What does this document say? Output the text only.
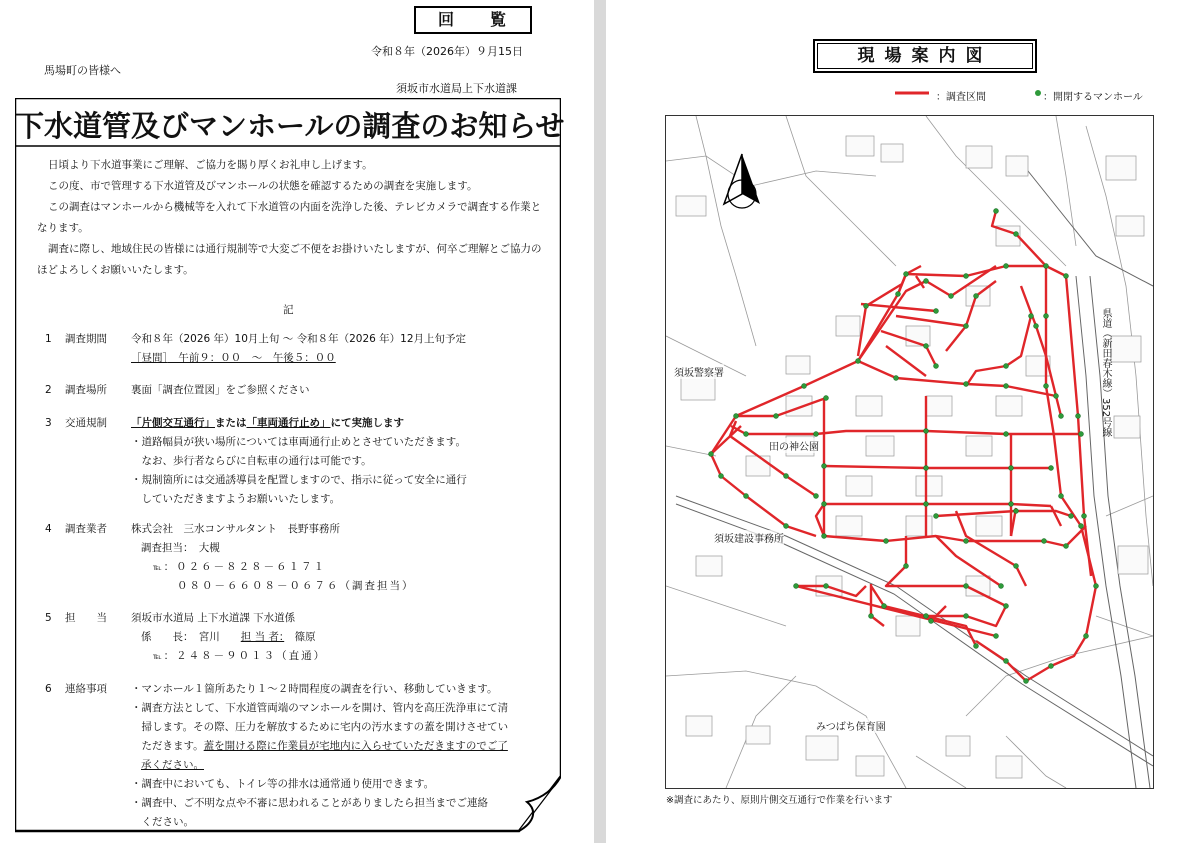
回　覧
令和８年（2026年）９月15日
馬場町の皆様へ
須坂市水道局上下水道課
下水道管及びマンホールの調査のお知らせ

日頃より下水道事業にご理解、ご協力を賜り厚くお礼申し上げます。

この度、市で管理する下水道管及びマンホールの状態を確認するための調査を実施します。

この調査はマンホールから機械等を入れて下水道管の内面を洗浄した後、テレビカメラで調査する作業となります。

調査に際し、地域住民の皆様には通行規制等で大変ご不便をお掛けいたしますが、何卒ご理解とご協力のほどよろしくお願いいたします。

記
1	調査期間	令和８年（2026 年）10月上旬 ～ 令和８年（2026 年）12月上旬予定
［昼間］　午前９：００　～　午後５：００
2	調査場所	裏面「調査位置図」をご参照ください
3	交通規制	「片側交互通行」または「車両通行止め」にて実施します
・道路幅員が狭い場所については車両通行止めとさせていただきます。
　なお、歩行者ならびに自転車の通行は可能です。
・規制箇所には交通誘導員を配置しますので、指示に従って安全に通行
　していただきますようお願いいたします。
4	調査業者	株式会社　三水コンサルタント　長野事務所
調査担当：　大槻
℡：０２６－８２８－６１７１
０８０－６６０８－０６７６（調査担当）
5	担　　当	須坂市水道局 上下水道課 下水道係
係　　長：　宮川　　担 当 者：　篠原
℡：２４８－９０１３（直通）
6	連絡事項	・マンホール１箇所あたり１～２時間程度の調査を行い、移動していきます。
・調査方法として、下水道管両端のマンホールを開け、管内を高圧洗浄車にて清
　掃します。その際、圧力を解放するために宅内の汚水ますの蓋を開けさせてい
　ただきます。蓋を開ける際に作業員が宅地内に入らせていただきますのでご了
承ください。
・調査中においても、トイレ等の排水は通常通り使用できます。
・調査中、ご不明な点や不審に思われることがありましたら担当までご連絡
　ください。
現場案内図
：調査区間	：開閉するマンホール
須坂警察署
田の神公園
須坂建設事務所
みつばち保育園
県道（新田春木線）352号線
※調査にあたり、原則片側交互通行で作業を行います
